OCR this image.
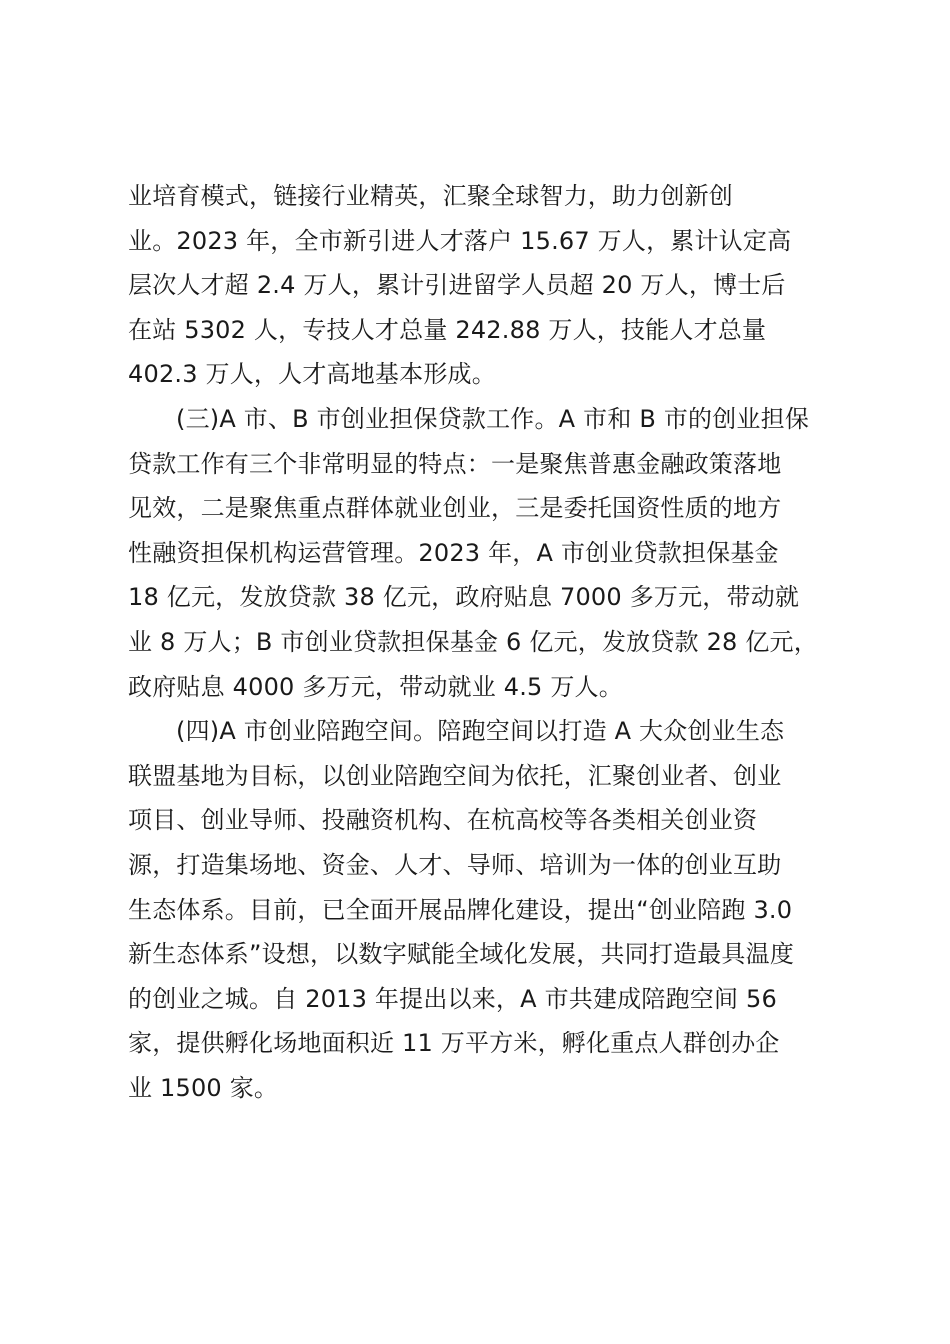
业培育模式，链接行业精英，汇聚全球智力，助力创新创
业。2023 年，全市新引进人才落户 15.67 万人，累计认定高
层次人才超 2.4 万人，累计引进留学人员超 20 万人，博士后
在站 5302 人，专技人才总量 242.88 万人，技能人才总量
402.3 万人，人才高地基本形成。
(三)A 市、B 市创业担保贷款工作。A 市和 B 市的创业担保
贷款工作有三个非常明显的特点：一是聚焦普惠金融政策落地
见效，二是聚焦重点群体就业创业，三是委托国资性质的地方
性融资担保机构运营管理。2023 年，A 市创业贷款担保基金
18 亿元，发放贷款 38 亿元，政府贴息 7000 多万元，带动就
业 8 万人；B 市创业贷款担保基金 6 亿元，发放贷款 28 亿元，
政府贴息 4000 多万元，带动就业 4.5 万人。
(四)A 市创业陪跑空间。陪跑空间以打造 A 大众创业生态
联盟基地为目标，以创业陪跑空间为依托，汇聚创业者、创业
项目、创业导师、投融资机构、在杭高校等各类相关创业资
源，打造集场地、资金、人才、导师、培训为一体的创业互助
生态体系。目前，已全面开展品牌化建设，提出“创业陪跑 3.0
新生态体系”设想，以数字赋能全域化发展，共同打造最具温度
的创业之城。自 2013 年提出以来，A 市共建成陪跑空间 56
家，提供孵化场地面积近 11 万平方米，孵化重点人群创办企
业 1500 家。
